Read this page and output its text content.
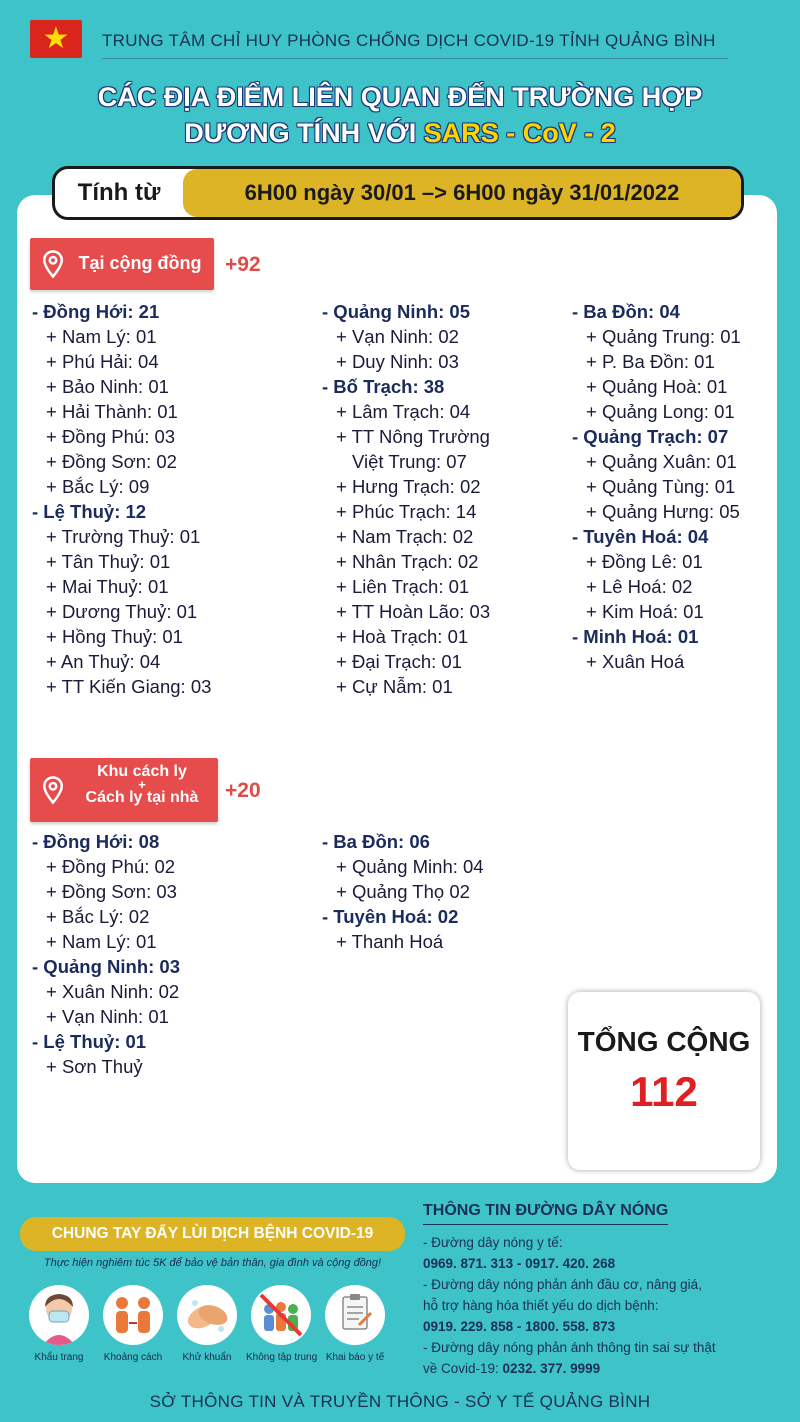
★	TRUNG TÂM CHỈ HUY PHÒNG CHỐNG DỊCH COVID-19 TỈNH QUẢNG BÌNH
CÁC ĐỊA ĐIỂM LIÊN QUAN ĐẾN TRƯỜNG HỢP
DƯƠNG TÍNH VỚI SARS - CoV - 2
Tính từ	6H00 ngày 30/01 –> 6H00 ngày 31/01/2022
Tại cộng đồng +92
- Đồng Hới: 21
+ Nam Lý: 01
+ Phú Hải: 04
+ Bảo Ninh: 01
+ Hải Thành: 01
+ Đồng Phú: 03
+ Đồng Sơn: 02
+ Bắc Lý: 09
- Lệ Thuỷ: 12
+ Trường Thuỷ: 01
+ Tân Thuỷ: 01
+ Mai Thuỷ: 01
+ Dương Thuỷ: 01
+ Hồng Thuỷ: 01
+ An Thuỷ: 04
+ TT Kiến Giang: 03
- Quảng Ninh: 05
+ Vạn Ninh: 02
+ Duy Ninh: 03
- Bố Trạch: 38
+ Lâm Trạch: 04
+ TT Nông Trường
Việt Trung: 07
+ Hưng Trạch: 02
+ Phúc Trạch: 14
+ Nam Trạch: 02
+ Nhân Trạch: 02
+ Liên Trạch: 01
+ TT Hoàn Lão: 03
+ Hoà Trạch: 01
+ Đại Trạch: 01
+ Cự Nẫm: 01
- Ba Đồn: 04
+ Quảng Trung: 01
+ P. Ba Đồn: 01
+ Quảng Hoà: 01
+ Quảng Long: 01
- Quảng Trạch: 07
+ Quảng Xuân: 01
+ Quảng Tùng: 01
+ Quảng Hưng: 05
- Tuyên Hoá: 04
+ Đồng Lê: 01
+ Lê Hoá: 02
+ Kim Hoá: 01
- Minh Hoá: 01
+ Xuân Hoá
Khu cách ly
+
Cách ly tại nhà	+20
- Đồng Hới: 08
+ Đồng Phú: 02
+ Đồng Sơn: 03
+ Bắc Lý: 02
+ Nam Lý: 01
- Quảng Ninh: 03
+ Xuân Ninh: 02
+ Vạn Ninh: 01
- Lệ Thuỷ: 01
+ Sơn Thuỷ
- Ba Đồn: 06
+ Quảng Minh: 04
+ Quảng Thọ 02
- Tuyên Hoá: 02
+ Thanh Hoá
TỔNG CỘNG
112
CHUNG TAY ĐẨY LÙI DỊCH BỆNH COVID-19
Thực hiện nghiêm túc 5K để bảo vệ bản thân, gia đình và cộng đồng!
Khẩu trang	Khoảng cách	Khử khuẩn	Không tập trung Khai báo y tế
THÔNG TIN ĐƯỜNG DÂY NÓNG
- Đường dây nóng y tế:
0969. 871. 313 - 0917. 420. 268
- Đường dây nóng phản ánh đầu cơ, nâng giá,
hỗ trợ hàng hóa thiết yếu do dịch bệnh:
0919. 229. 858 - 1800. 558. 873
- Đường dây nóng phản ánh thông tin sai sự thật
về Covid-19: 0232. 377. 9999
SỞ THÔNG TIN VÀ TRUYỀN THÔNG - SỞ Y TẾ QUẢNG BÌNH
